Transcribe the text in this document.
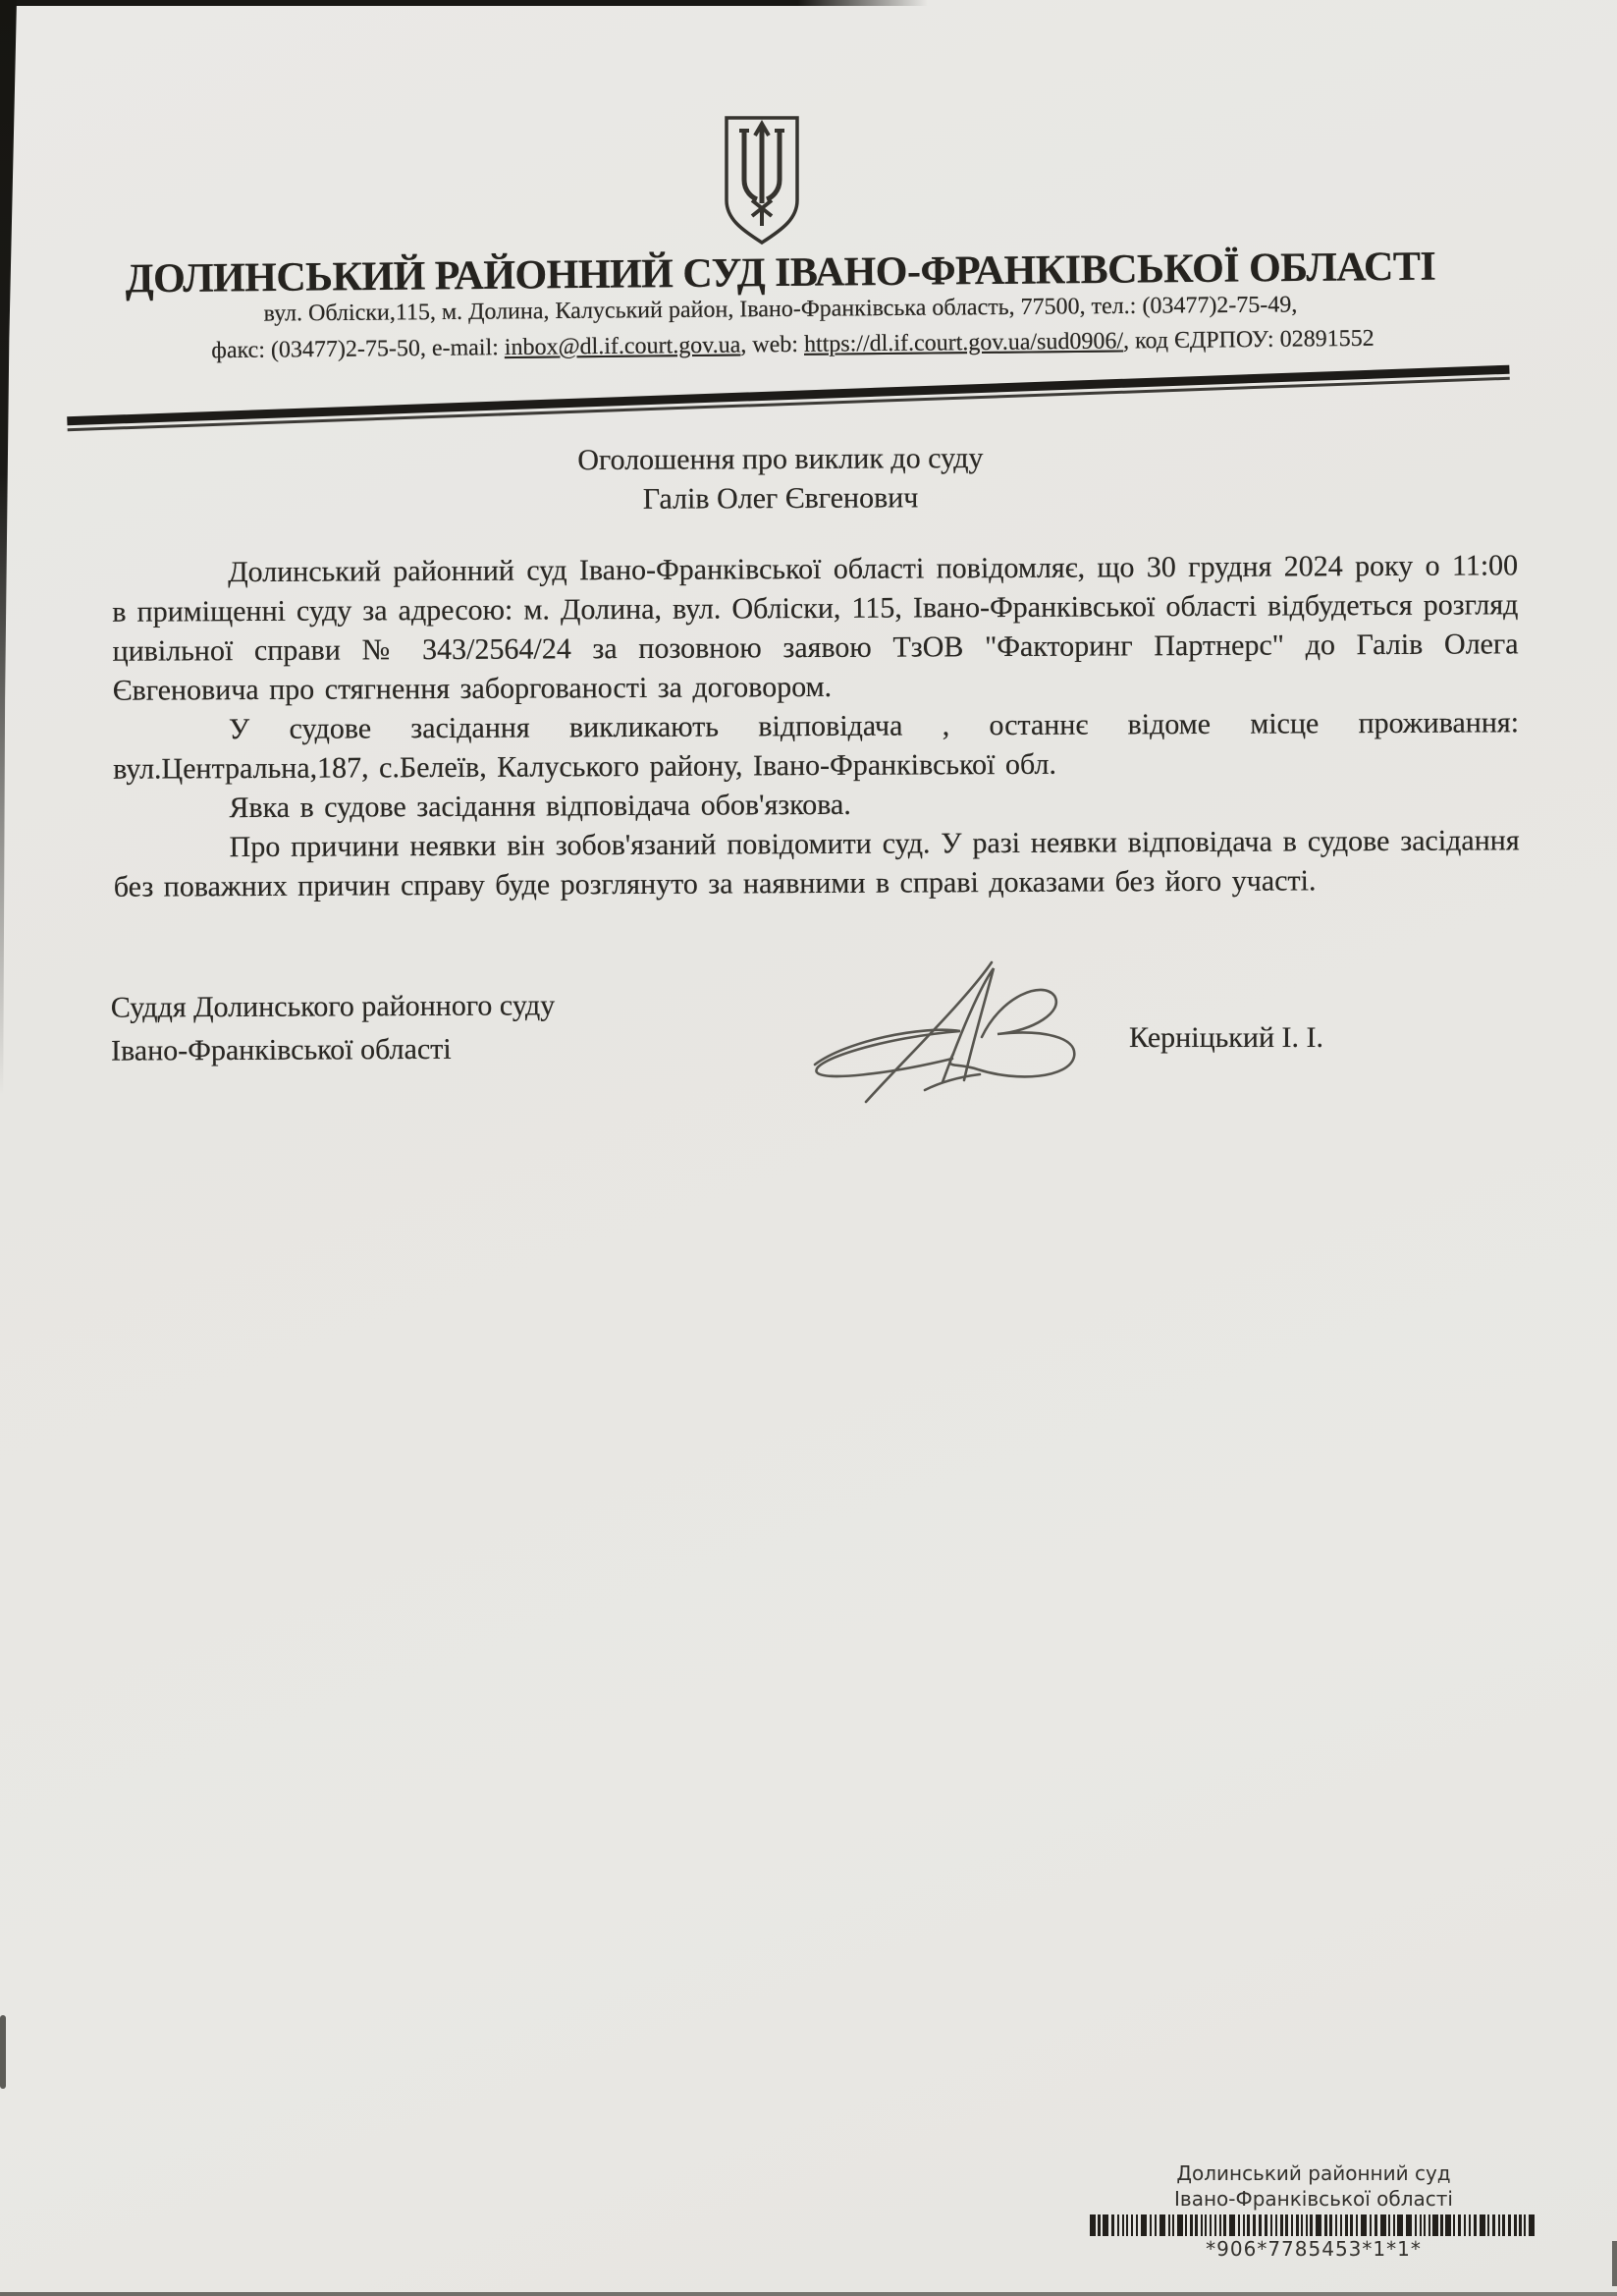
ДОЛИНСЬКИЙ РАЙОННИЙ СУД ІВАНО-ФРАНКІВСЬКОЇ ОБЛАСТІ
вул. Обліски,115, м. Долина, Калуський район, Івано-Франківська область, 77500, тел.: (03477)2-75-49,
факс: (03477)2-75-50, e-mail: inbox@dl.if.court.gov.ua, web: https://dl.if.court.gov.ua/sud0906/, код ЄДРПОУ: 02891552
Оголошення про виклик до суду
Галів Олег Євгенович

Долинський районний суд Івано-Франківської області повідомляє, що 30 грудня 2024 року о 11:00 в приміщенні суду за адресою: м. Долина, вул. Обліски, 115, Івано-Франківської області відбудеться розгляд цивільної справи № 343/2564/24 за позовною заявою ТзОВ "Факторинг Партнерс" до Галів Олега Євгеновича про стягнення заборгованості за договором.

У судове засідання викликають відповідача , останнє відоме місце проживання: вул.Центральна,187, с.Белеїв, Калуського району, Івано-Франківської обл.

Явка в судове засідання відповідача обов'язкова.

Про причини неявки він зобов'язаний повідомити суд. У разі неявки відповідача в судове засідання без поважних причин справу буде розглянуто за наявними в справі доказами без його участі.

Суддя Долинського районного суду
Івано-Франківської області	Керніцький І. І.
Долинський районний суд
Івано-Франківської області
*906*7785453*1*1*
